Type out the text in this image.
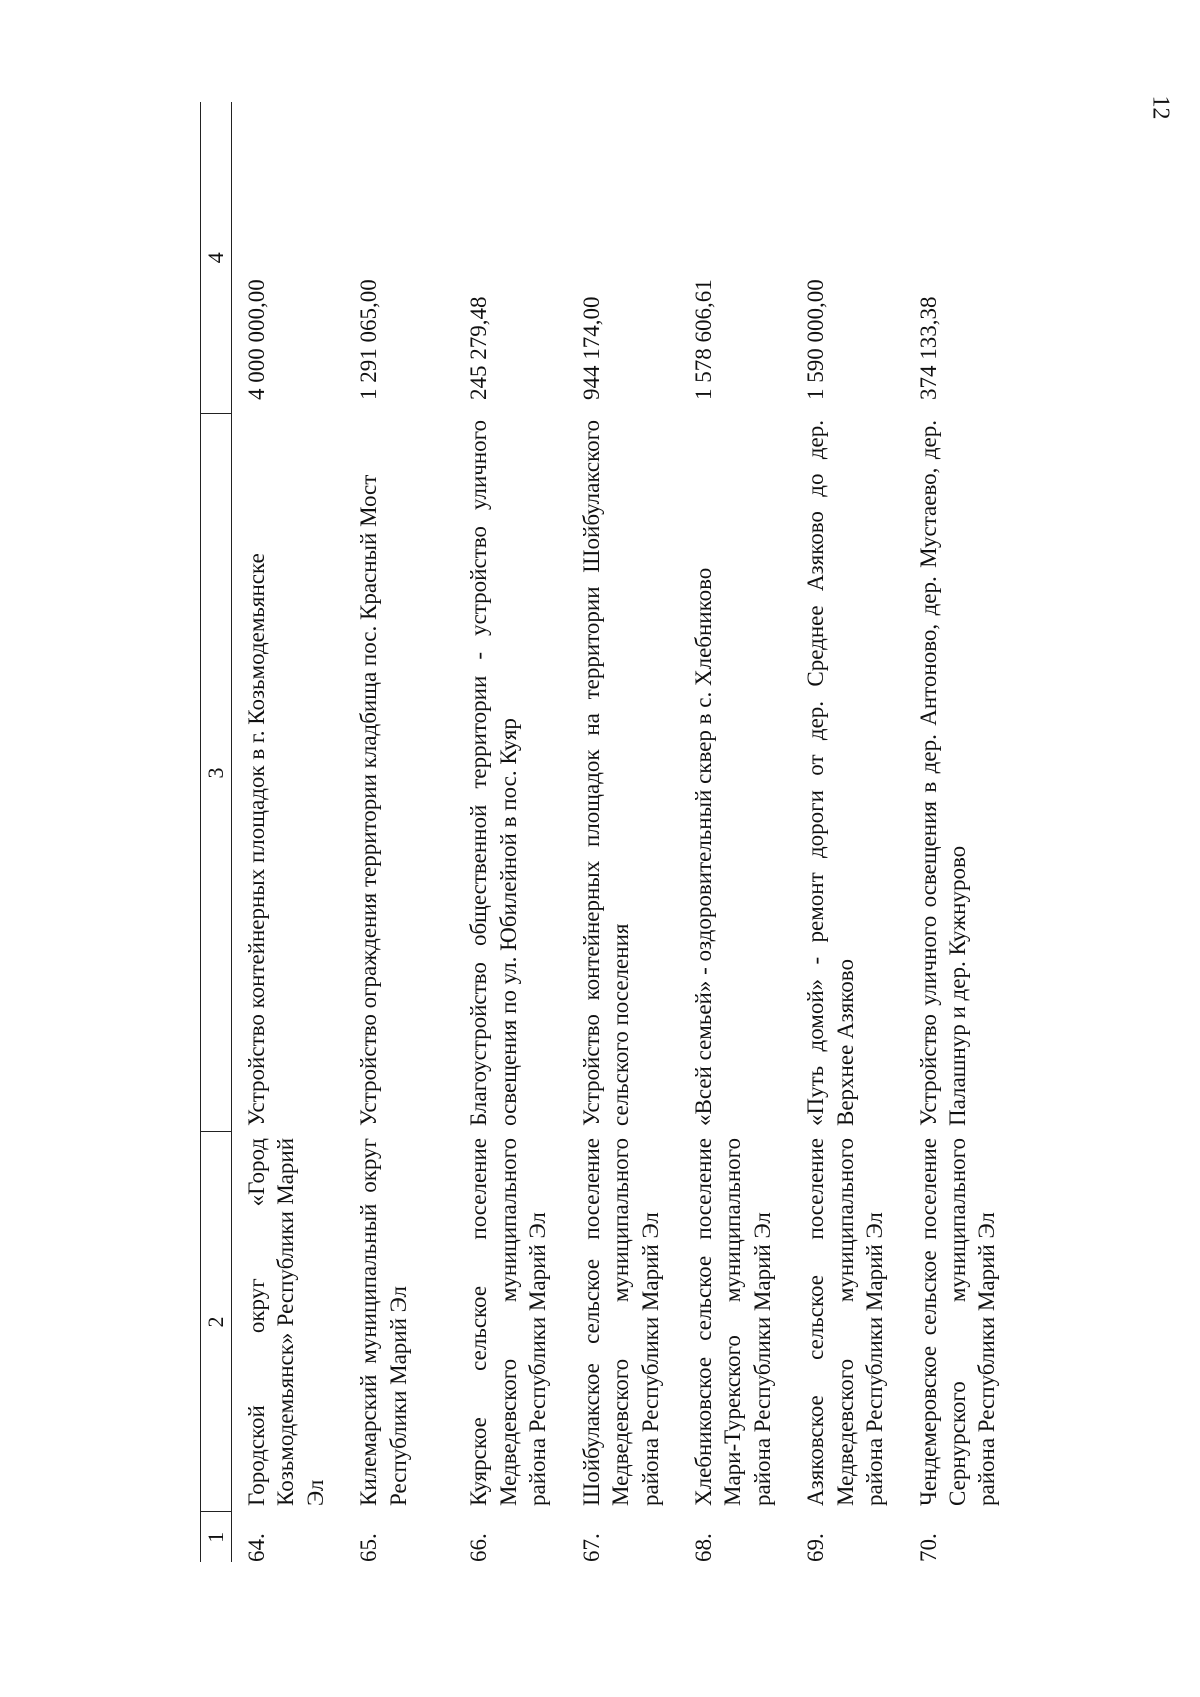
12
1	2	3	4
64.	Городской округ «Город Козьмодемьянск» Республики Марий Эл	Устройство контейнерных площадок в г. Козьмодемьянске	4 000 000,00
65.	Килемарский муниципальный округ Республики Марий Эл	Устройство ограждения территории кладбища пос. Красный Мост	1 291 065,00
66.	Куярское сельское поселение Медведевского муниципального района Республики Марий Эл	Благоустройство общественной территории - устройство уличного освещения по ул. Юбилейной в пос. Куяр	245 279,48
67.	Шойбулакское сельское поселение Медведевского муниципального района Республики Марий Эл	Устройство контейнерных площадок на территории Шойбулакского сельского поселения	944 174,00
68.	Хлебниковское сельское поселение Мари-Турекского муниципального района Республики Марий Эл	«Всей семьей» - оздоровительный сквер в с. Хлебниково	1 578 606,61
69.	Азяковское сельское поселение Медведевского муниципального района Республики Марий Эл	«Путь домой» - ремонт дороги от дер. Среднее Азяково до дер. Верхнее Азяково	1 590 000,00
70.	Чендемеровское сельское поселение Сернурского муниципального района Республики Марий Эл	Устройство уличного освещения в дер. Антоново, дер. Мустаево, дер. Палашнур и дер. Кужнурово	374 133,38
